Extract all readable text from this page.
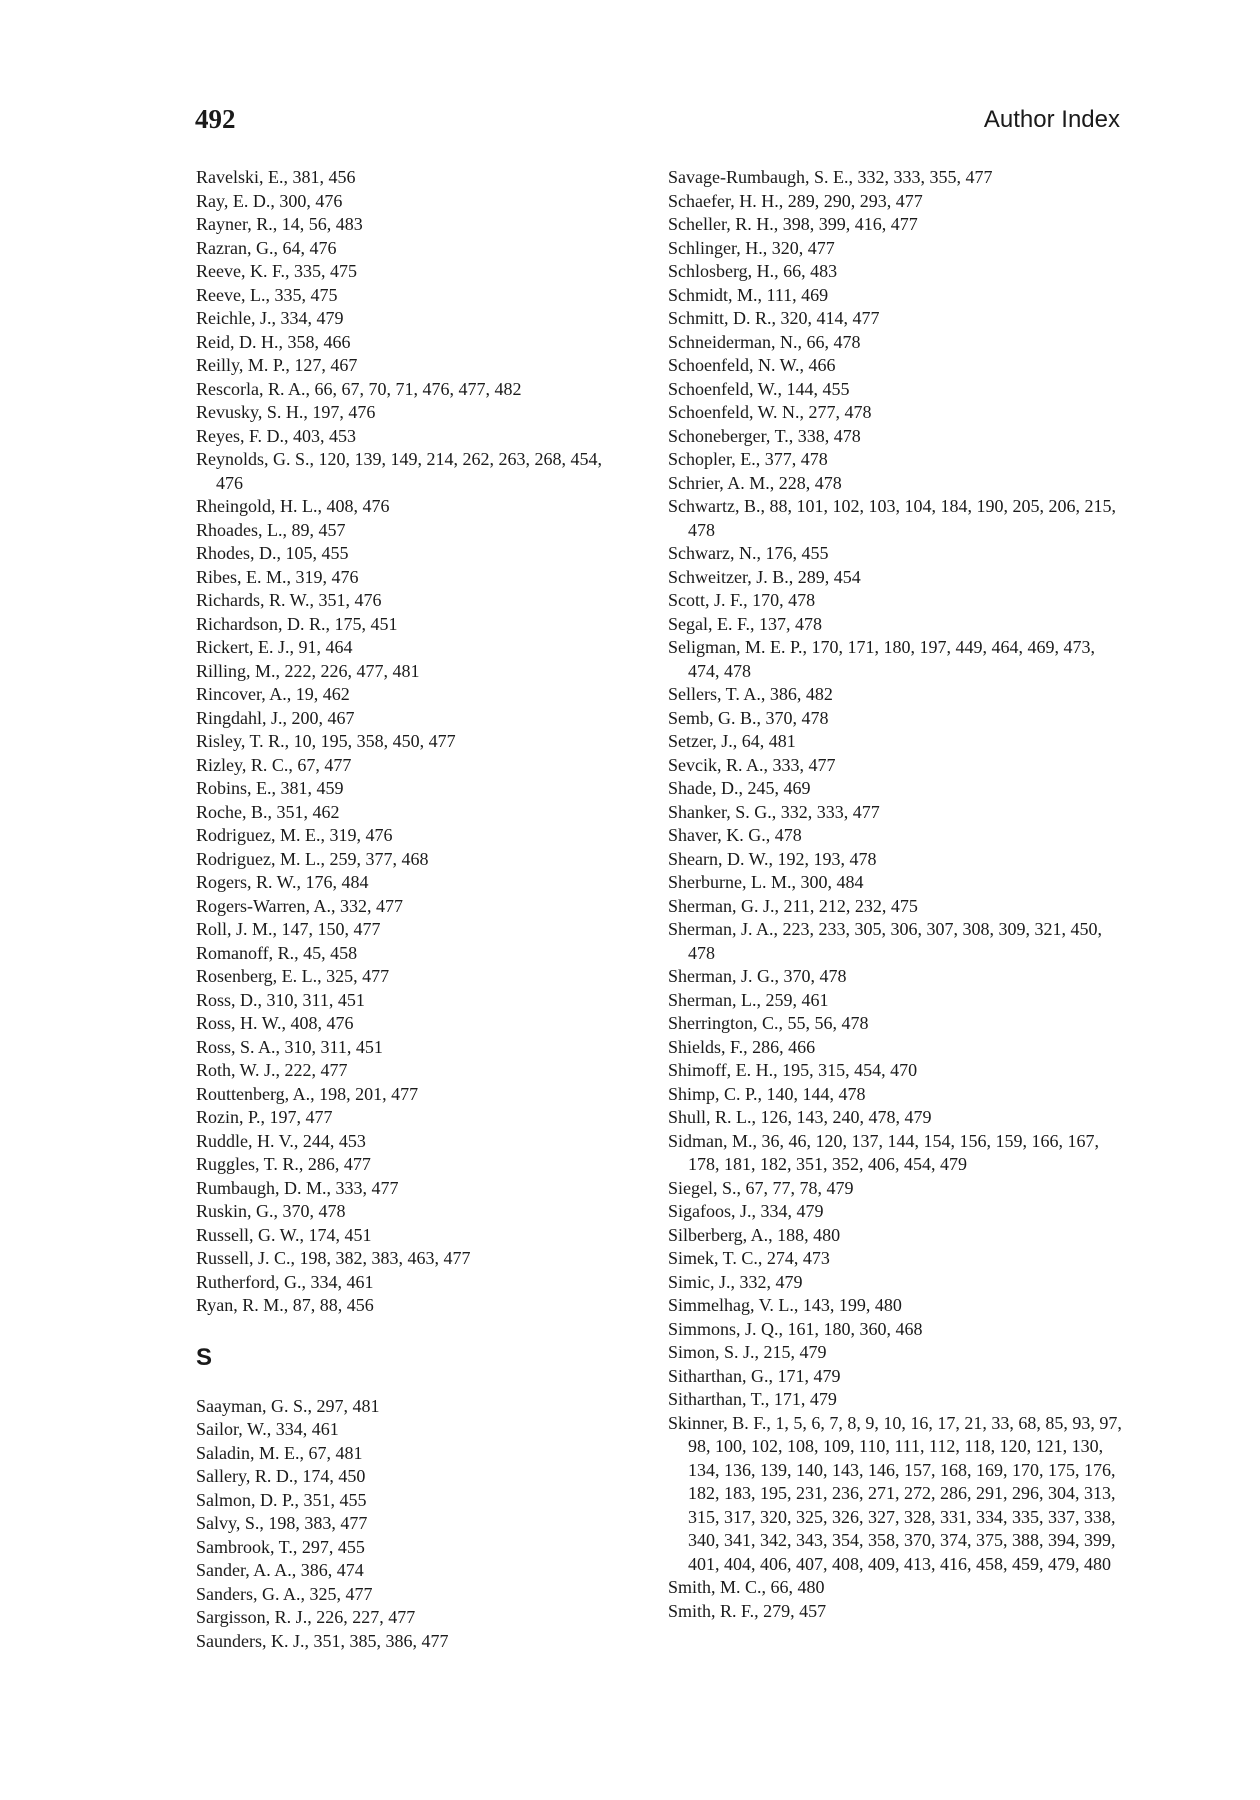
492	Author Index
Ravelski, E., 381, 456
Ray, E. D., 300, 476
Rayner, R., 14, 56, 483
Razran, G., 64, 476
Reeve, K. F., 335, 475
Reeve, L., 335, 475
Reichle, J., 334, 479
Reid, D. H., 358, 466
Reilly, M. P., 127, 467
Rescorla, R. A., 66, 67, 70, 71, 476, 477, 482
Revusky, S. H., 197, 476
Reyes, F. D., 403, 453
Reynolds, G. S., 120, 139, 149, 214, 262, 263, 268, 454, 476
Rheingold, H. L., 408, 476
Rhoades, L., 89, 457
Rhodes, D., 105, 455
Ribes, E. M., 319, 476
Richards, R. W., 351, 476
Richardson, D. R., 175, 451
Rickert, E. J., 91, 464
Rilling, M., 222, 226, 477, 481
Rincover, A., 19, 462
Ringdahl, J., 200, 467
Risley, T. R., 10, 195, 358, 450, 477
Rizley, R. C., 67, 477
Robins, E., 381, 459
Roche, B., 351, 462
Rodriguez, M. E., 319, 476
Rodriguez, M. L., 259, 377, 468
Rogers, R. W., 176, 484
Rogers-Warren, A., 332, 477
Roll, J. M., 147, 150, 477
Romanoff, R., 45, 458
Rosenberg, E. L., 325, 477
Ross, D., 310, 311, 451
Ross, H. W., 408, 476
Ross, S. A., 310, 311, 451
Roth, W. J., 222, 477
Routtenberg, A., 198, 201, 477
Rozin, P., 197, 477
Ruddle, H. V., 244, 453
Ruggles, T. R., 286, 477
Rumbaugh, D. M., 333, 477
Ruskin, G., 370, 478
Russell, G. W., 174, 451
Russell, J. C., 198, 382, 383, 463, 477
Rutherford, G., 334, 461
Ryan, R. M., 87, 88, 456
S
Saayman, G. S., 297, 481
Sailor, W., 334, 461
Saladin, M. E., 67, 481
Sallery, R. D., 174, 450
Salmon, D. P., 351, 455
Salvy, S., 198, 383, 477
Sambrook, T., 297, 455
Sander, A. A., 386, 474
Sanders, G. A., 325, 477
Sargisson, R. J., 226, 227, 477
Saunders, K. J., 351, 385, 386, 477
Savage-Rumbaugh, S. E., 332, 333, 355, 477
Schaefer, H. H., 289, 290, 293, 477
Scheller, R. H., 398, 399, 416, 477
Schlinger, H., 320, 477
Schlosberg, H., 66, 483
Schmidt, M., 111, 469
Schmitt, D. R., 320, 414, 477
Schneiderman, N., 66, 478
Schoenfeld, N. W., 466
Schoenfeld, W., 144, 455
Schoenfeld, W. N., 277, 478
Schoneberger, T., 338, 478
Schopler, E., 377, 478
Schrier, A. M., 228, 478
Schwartz, B., 88, 101, 102, 103, 104, 184, 190, 205, 206, 215, 478
Schwarz, N., 176, 455
Schweitzer, J. B., 289, 454
Scott, J. F., 170, 478
Segal, E. F., 137, 478
Seligman, M. E. P., 170, 171, 180, 197, 449, 464, 469, 473, 474, 478
Sellers, T. A., 386, 482
Semb, G. B., 370, 478
Setzer, J., 64, 481
Sevcik, R. A., 333, 477
Shade, D., 245, 469
Shanker, S. G., 332, 333, 477
Shaver, K. G., 478
Shearn, D. W., 192, 193, 478
Sherburne, L. M., 300, 484
Sherman, G. J., 211, 212, 232, 475
Sherman, J. A., 223, 233, 305, 306, 307, 308, 309, 321, 450, 478
Sherman, J. G., 370, 478
Sherman, L., 259, 461
Sherrington, C., 55, 56, 478
Shields, F., 286, 466
Shimoff, E. H., 195, 315, 454, 470
Shimp, C. P., 140, 144, 478
Shull, R. L., 126, 143, 240, 478, 479
Sidman, M., 36, 46, 120, 137, 144, 154, 156, 159, 166, 167, 178, 181, 182, 351, 352, 406, 454, 479
Siegel, S., 67, 77, 78, 479
Sigafoos, J., 334, 479
Silberberg, A., 188, 480
Simek, T. C., 274, 473
Simic, J., 332, 479
Simmelhag, V. L., 143, 199, 480
Simmons, J. Q., 161, 180, 360, 468
Simon, S. J., 215, 479
Sitharthan, G., 171, 479
Sitharthan, T., 171, 479
Skinner, B. F., 1, 5, 6, 7, 8, 9, 10, 16, 17, 21, 33, 68, 85, 93, 97, 98, 100, 102, 108, 109, 110, 111, 112, 118, 120, 121, 130, 134, 136, 139, 140, 143, 146, 157, 168, 169, 170, 175, 176, 182, 183, 195, 231, 236, 271, 272, 286, 291, 296, 304, 313, 315, 317, 320, 325, 326, 327, 328, 331, 334, 335, 337, 338, 340, 341, 342, 343, 354, 358, 370, 374, 375, 388, 394, 399, 401, 404, 406, 407, 408, 409, 413, 416, 458, 459, 479, 480
Smith, M. C., 66, 480
Smith, R. F., 279, 457
